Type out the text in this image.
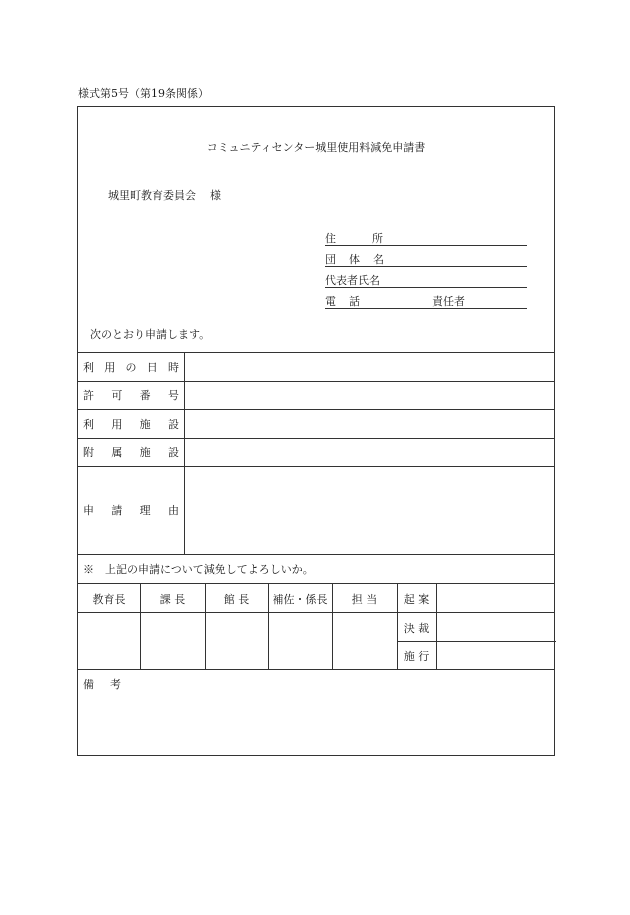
様式第5号（第19条関係）
コミュニティセンター城里使用料減免申請書
城里町教育委員会 様
住	所
団 体 名
代表者氏名
電 話	責任者
次のとおり申請します。
利 用 の 日 時
許 可 番 号
利 用 施 設
附 属 施 設
申 請 理 由
※　上記の申請について減免してよろしいか。
教育長	課 長	館 長	補佐・係長	担 当	起 案
決 裁
施 行
備 考
